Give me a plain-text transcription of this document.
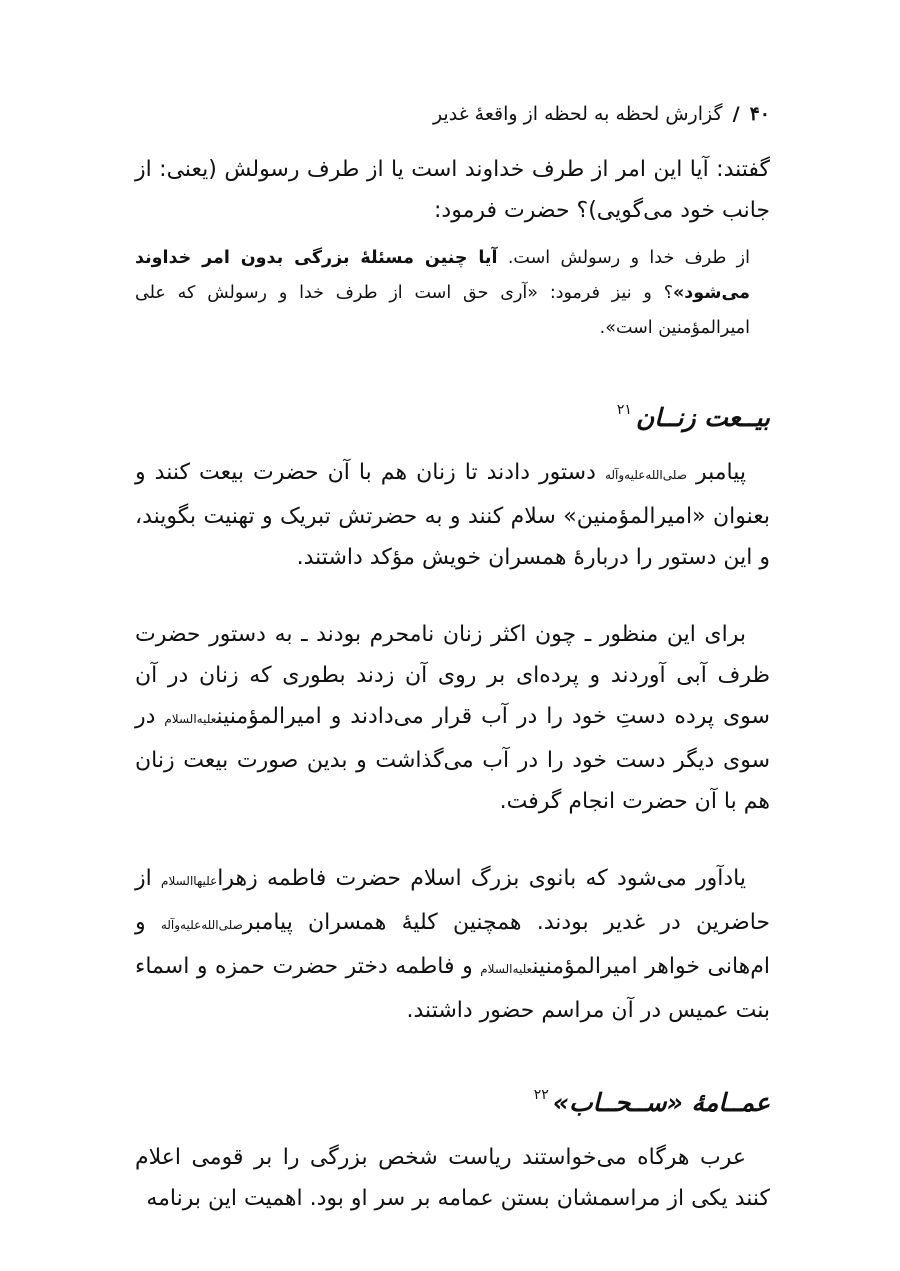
۴۰ / گزارش لحظه به لحظه از واقعهٔ غدیر

گفتند: آیا این امر از طرف خداوند است یا از طرف رسولش (یعنی: از جانب خود می‌گویی)؟ حضرت فرمود:

از طرف خدا و رسولش است. آیا چنین مسئلهٔ بزرگی بدون امر خداوند می‌شود»؟ و نیز فرمود: «آری حق است از طرف خدا و رسولش که علی امیرالمؤمنین است».
بیــعت زنــان$^{۲۱}$

پیامبر صلی‌الله‌علیه‌وآله دستور دادند تا زنان هم با آن حضرت بیعت کنند و بعنوان «امیرالمؤمنین» سلام کنند و به حضرتش تبریک و تهنیت بگویند، و این دستور را دربارهٔ همسران خویش مؤکد داشتند.

برای این منظور ـ چون اکثر زنان نامحرم بودند ـ به دستور حضرت ظرف آبی آوردند و پرده‌ای بر روی آن زدند بطوری که زنان در آن سوی پرده دستِ خود را در آب قرار می‌دادند و امیرالمؤمنینعلیه‌السلام در سوی دیگر دست خود را در آب می‌گذاشت و بدین صورت بیعت زنان هم با آن حضرت انجام گرفت.

یادآور می‌شود که بانوی بزرگ اسلام حضرت فاطمه زهراعلیهاالسلام از حاضرین در غدیر بودند. همچنین کلیهٔ همسران پیامبرصلی‌الله‌علیه‌وآله و ام‌هانی خواهر امیرالمؤمنینعلیه‌السلام و فاطمه دختر حضرت حمزه و اسماء بنت عمیس در آن مراسم حضور داشتند.

عمــامهٔ «ســحــاب»$^{۲۲}$

عرب هرگاه می‌خواستند ریاست شخص بزرگی را بر قومی اعلام کنند یکی از مراسمشان بستن عمامه بر سر او بود. اهمیت این برنامه
